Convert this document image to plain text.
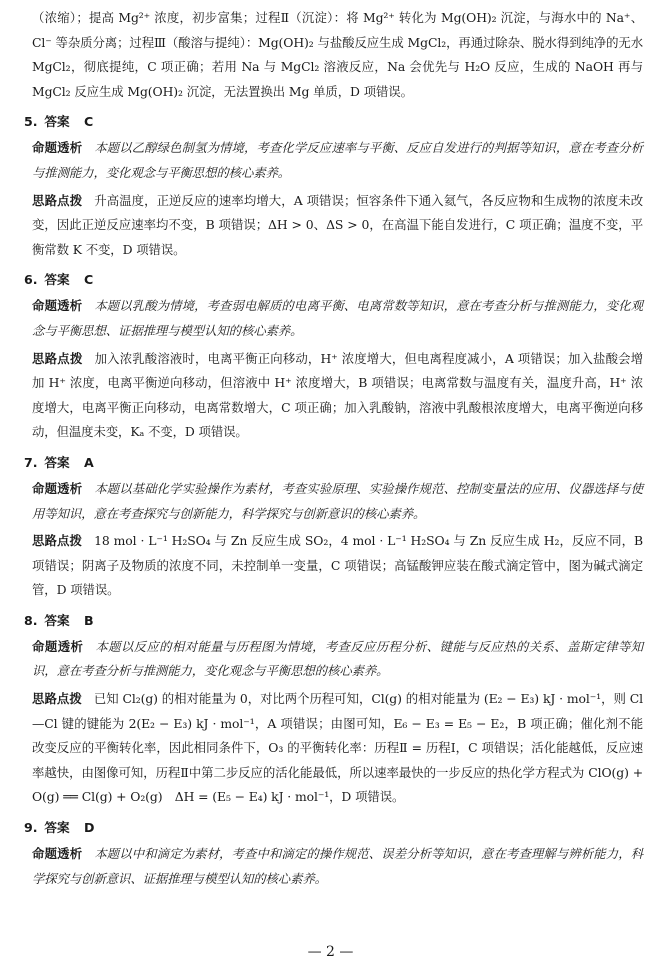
（浓缩）；提高 Mg²⁺ 浓度，初步富集；过程Ⅱ（沉淀）：将 Mg²⁺ 转化为 Mg(OH)₂ 沉淀，与海水中的 Na⁺、Cl⁻ 等杂质分离；过程Ⅲ（酸溶与提纯）：Mg(OH)₂ 与盐酸反应生成 MgCl₂，再通过除杂、脱水得到纯净的无水 MgCl₂，彻底提纯，C 项正确；若用 Na 与 MgCl₂ 溶液反应，Na 会优先与 H₂O 反应，生成的 NaOH 再与 MgCl₂ 反应生成 Mg(OH)₂ 沉淀，无法置换出 Mg 单质，D 项错误。

5. 答案 C

命题透析 本题以乙醇绿色制氢为情境，考查化学反应速率与平衡、反应自发进行的判据等知识，意在考查分析与推测能力，变化观念与平衡思想的核心素养。

思路点拨 升高温度，正逆反应的速率均增大，A 项错误；恒容条件下通入氦气，各反应物和生成物的浓度未改变，因此正逆反应速率均不变，B 项错误；ΔH > 0、ΔS > 0，在高温下能自发进行，C 项正确；温度不变，平衡常数 K 不变，D 项错误。

6. 答案 C

命题透析 本题以乳酸为情境，考查弱电解质的电离平衡、电离常数等知识，意在考查分析与推测能力，变化观念与平衡思想、证据推理与模型认知的核心素养。

思路点拨 加入浓乳酸溶液时，电离平衡正向移动，H⁺ 浓度增大，但电离程度减小，A 项错误；加入盐酸会增加 H⁺ 浓度，电离平衡逆向移动，但溶液中 H⁺ 浓度增大，B 项错误；电离常数与温度有关，温度升高，H⁺ 浓度增大，电离平衡正向移动，电离常数增大，C 项正确；加入乳酸钠，溶液中乳酸根浓度增大，电离平衡逆向移动，但温度未变，Kₐ 不变，D 项错误。

7. 答案 A

命题透析 本题以基础化学实验操作为素材，考查实验原理、实验操作规范、控制变量法的应用、仪器选择与使用等知识，意在考查探究与创新能力，科学探究与创新意识的核心素养。

思路点拨 18 mol · L⁻¹ H₂SO₄ 与 Zn 反应生成 SO₂，4 mol · L⁻¹ H₂SO₄ 与 Zn 反应生成 H₂，反应不同，B 项错误；阴离子及物质的浓度不同，未控制单一变量，C 项错误；高锰酸钾应装在酸式滴定管中，图为碱式滴定管，D 项错误。

8. 答案 B

命题透析 本题以反应的相对能量与历程图为情境，考查反应历程分析、键能与反应热的关系、盖斯定律等知识，意在考查分析与推测能力，变化观念与平衡思想的核心素养。

思路点拨 已知 Cl₂(g) 的相对能量为 0，对比两个历程可知，Cl(g) 的相对能量为 (E₂ − E₃) kJ · mol⁻¹，则 Cl—Cl 键的键能为 2(E₂ − E₃) kJ · mol⁻¹，A 项错误；由图可知，E₆ − E₃ = E₅ − E₂，B 项正确；催化剂不能改变反应的平衡转化率，因此相同条件下，O₃ 的平衡转化率：历程Ⅱ = 历程Ⅰ，C 项错误；活化能越低，反应速率越快，由图像可知，历程Ⅱ中第二步反应的活化能最低，所以速率最快的一步反应的热化学方程式为 ClO(g) + O(g) ══ Cl(g) + O₂(g)　ΔH = (E₅ − E₄) kJ · mol⁻¹，D 项错误。

9. 答案 D

命题透析 本题以中和滴定为素材，考查中和滴定的操作规范、误差分析等知识，意在考查理解与辨析能力，科学探究与创新意识、证据推理与模型认知的核心素养。

— 2 —
